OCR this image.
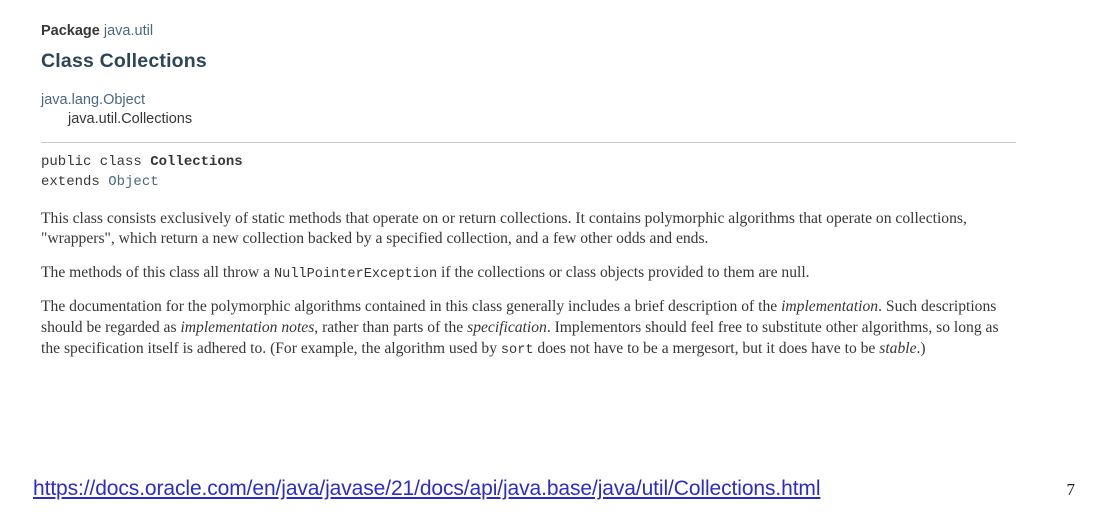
Package java.util
Class Collections
java.lang.Object
java.util.Collections
public class Collections
extends Object

This class consists exclusively of static methods that operate on or return collections. It contains polymorphic algorithms that operate on collections, "wrappers", which return a new collection backed by a specified collection, and a few other odds and ends.

The methods of this class all throw a NullPointerException if the collections or class objects provided to them are null.

The documentation for the polymorphic algorithms contained in this class generally includes a brief description of the implementation. Such descriptions should be regarded as implementation notes, rather than parts of the specification. Implementors should feel free to substitute other algorithms, so long as the specification itself is adhered to. (For example, the algorithm used by sort does not have to be a mergesort, but it does have to be stable.)

https://docs.oracle.com/en/java/javase/21/docs/api/java.base/java/util/Collections.html	7
